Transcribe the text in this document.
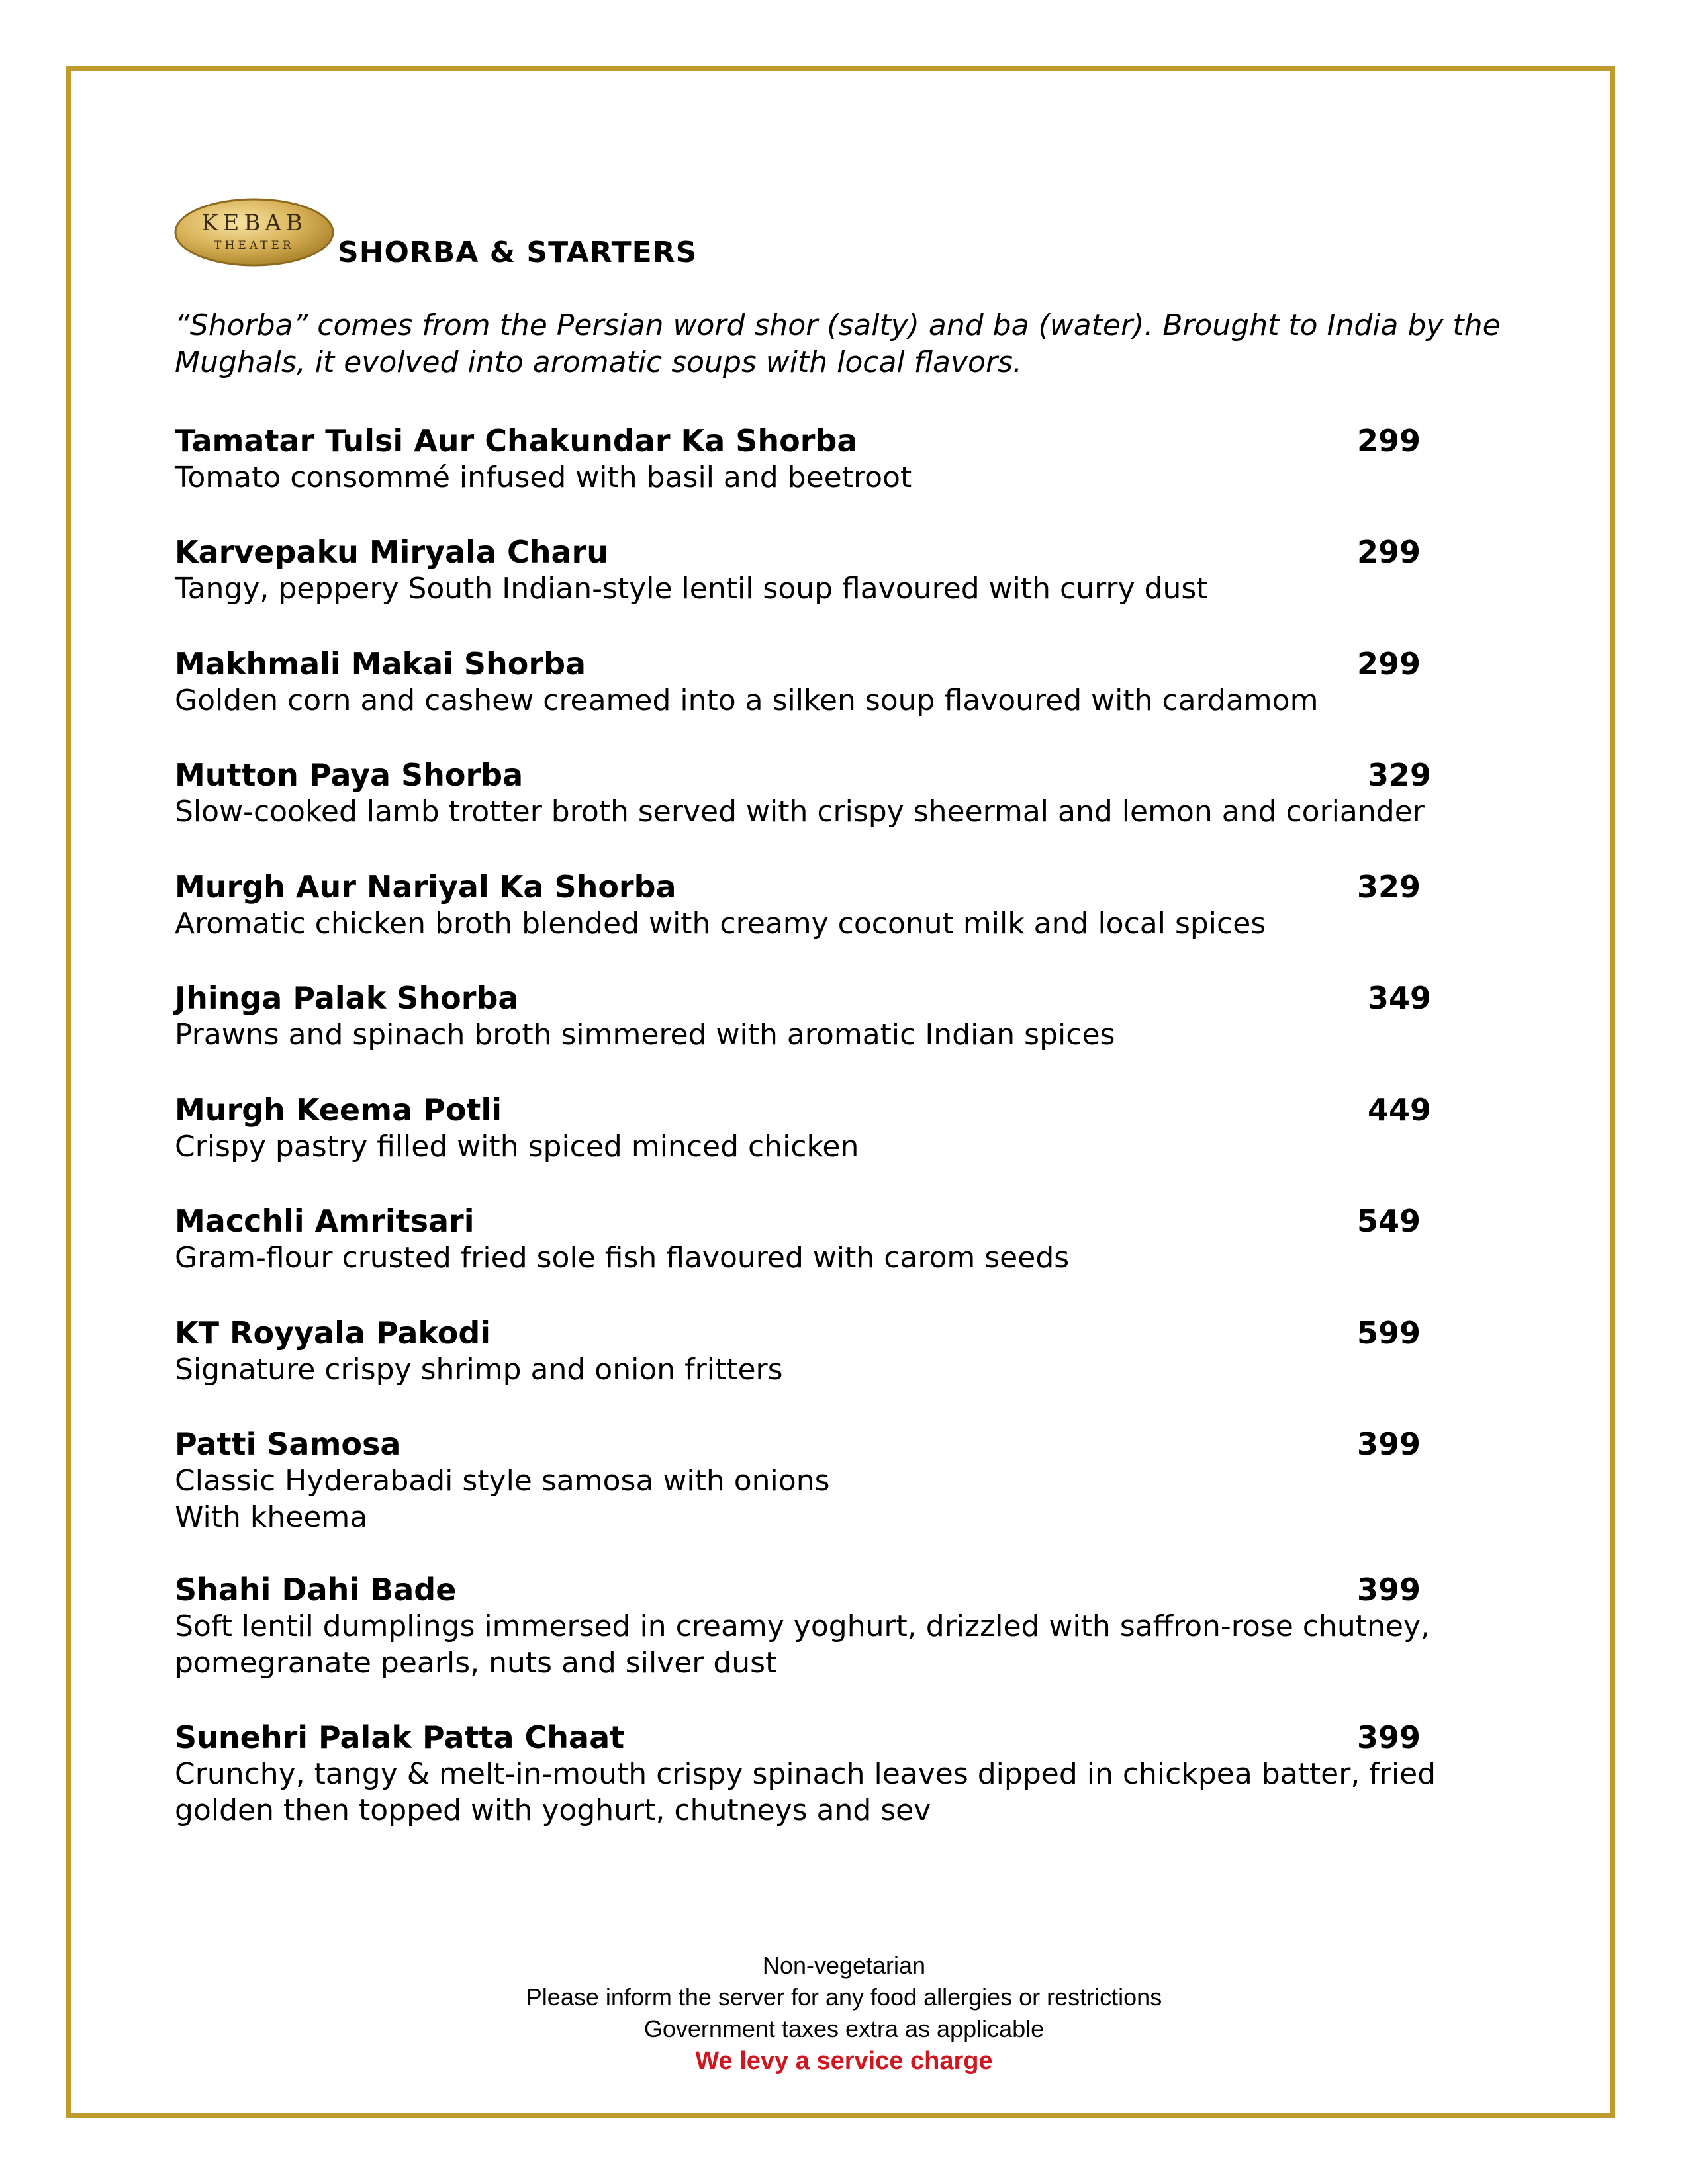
KEBAB
THEATER SHORBA & STARTERS
“Shorba” comes from the Persian word shor (salty) and ba (water). Brought to India by the Mughals, it evolved into aromatic soups with local flavors.
Tamatar Tulsi Aur Chakundar Ka Shorba	299
Tomato consommé infused with basil and beetroot
Karvepaku Miryala Charu	299
Tangy, peppery South Indian-style lentil soup flavoured with curry dust
Makhmali Makai Shorba	299
Golden corn and cashew creamed into a silken soup flavoured with cardamom
Mutton Paya Shorba	329
Slow-cooked lamb trotter broth served with crispy sheermal and lemon and coriander
Murgh Aur Nariyal Ka Shorba	329
Aromatic chicken broth blended with creamy coconut milk and local spices
Jhinga Palak Shorba	349
Prawns and spinach broth simmered with aromatic Indian spices
Murgh Keema Potli	449
Crispy pastry filled with spiced minced chicken
Macchli Amritsari	549
Gram-flour crusted fried sole fish flavoured with carom seeds
KT Royyala Pakodi	599
Signature crispy shrimp and onion fritters
Patti Samosa	399
Classic Hyderabadi style samosa with onions
With kheema
Shahi Dahi Bade	399
Soft lentil dumplings immersed in creamy yoghurt, drizzled with saffron-rose chutney,
pomegranate pearls, nuts and silver dust
Sunehri Palak Patta Chaat	399
Crunchy, tangy & melt-in-mouth crispy spinach leaves dipped in chickpea batter, fried
golden then topped with yoghurt, chutneys and sev
Non-vegetarian
Please inform the server for any food allergies or restrictions
Government taxes extra as applicable
We levy a service charge
